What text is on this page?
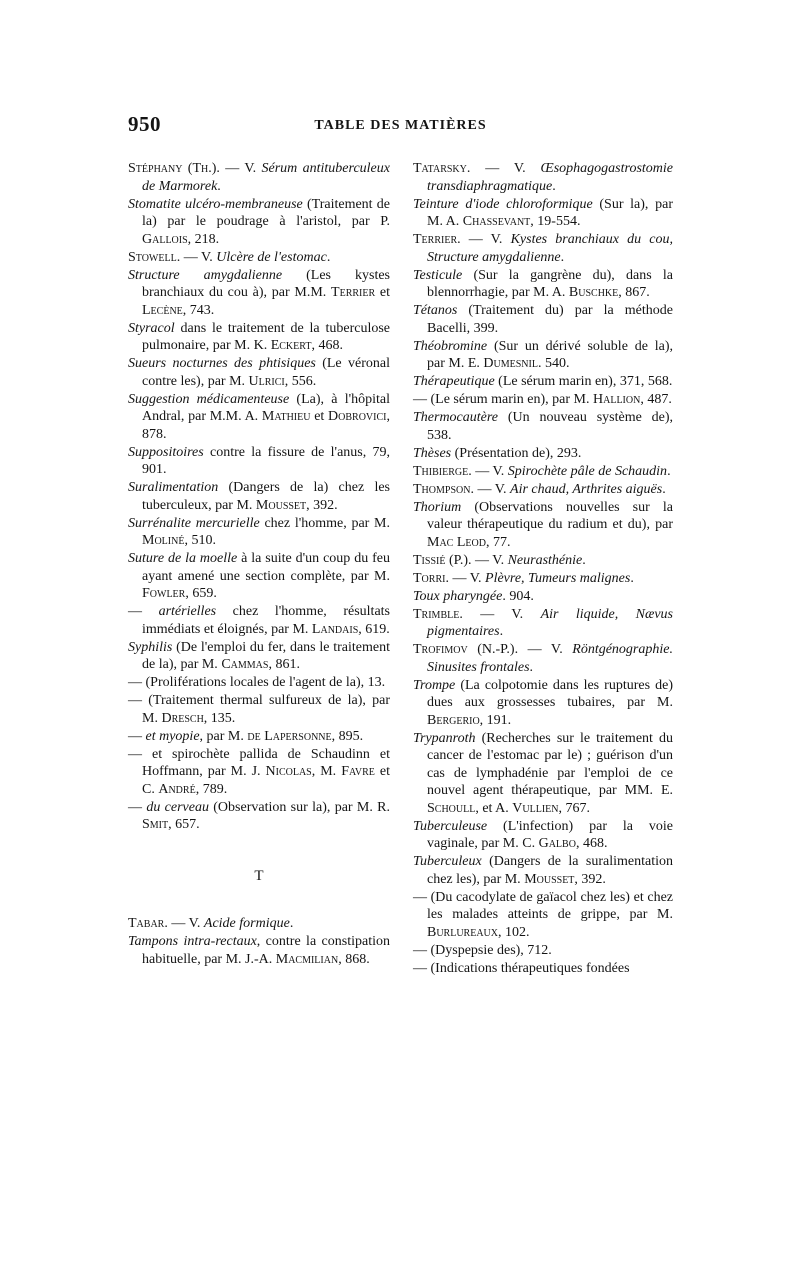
950	TABLE DES MATIÈRES

Stéphany (Th.). — V. Sérum antituberculeux de Marmorek.

Stomatite ulcéro-membraneuse (Traitement de la) par le poudrage à l'aristol, par P. Gallois, 218.

Stowell. — V. Ulcère de l'estomac.

Structure amygdalienne (Les kystes branchiaux du cou à), par M.M. Terrier et Lecène, 743.

Styracol dans le traitement de la tuberculose pulmonaire, par M. K. Eckert, 468.

Sueurs nocturnes des phtisiques (Le véronal contre les), par M. Ulrici, 556.

Suggestion médicamenteuse (La), à l'hôpital Andral, par M.M. A. Mathieu et Dobrovici, 878.

Suppositoires contre la fissure de l'anus, 79, 901.

Suralimentation (Dangers de la) chez les tuberculeux, par M. Mousset, 392.

Surrénalite mercurielle chez l'homme, par M. Moliné, 510.

Suture de la moelle à la suite d'un coup du feu ayant amené une section complète, par M. Fowler, 659.

— artérielles chez l'homme, résultats immédiats et éloignés, par M. Landais, 619.

Syphilis (De l'emploi du fer, dans le traitement de la), par M. Cammas, 861.

— (Proliférations locales de l'agent de la), 13.

— (Traitement thermal sulfureux de la), par M. Dresch, 135.

— et myopie, par M. de Lapersonne, 895.

— et spirochète pallida de Schaudinn et Hoffmann, par M. J. Nicolas, M. Favre et C. André, 789.

— du cerveau (Observation sur la), par M. R. Smit, 657.

T

Tabar. — V. Acide formique.

Tampons intra-rectaux, contre la constipation habituelle, par M. J.-A. Macmilian, 868.

Tatarsky. — V. Œsophagogastrostomie transdiaphragmatique.

Teinture d'iode chloroformique (Sur la), par M. A. Chassevant, 19-554.

Terrier. — V. Kystes branchiaux du cou, Structure amygdalienne.

Testicule (Sur la gangrène du), dans la blennorrhagie, par M. A. Buschke, 867.

Tétanos (Traitement du) par la méthode Bacelli, 399.

Théobromine (Sur un dérivé soluble de la), par M. E. Dumesnil. 540.

Thérapeutique (Le sérum marin en), 371, 568.

— (Le sérum marin en), par M. Hallion, 487.

Thermocautère (Un nouveau système de), 538.

Thèses (Présentation de), 293.

Thibierge. — V. Spirochète pâle de Schaudin.

Thompson. — V. Air chaud, Arthrites aiguës.

Thorium (Observations nouvelles sur la valeur thérapeutique du radium et du), par Mac Leod, 77.

Tissié (P.). — V. Neurasthénie.

Torri. — V. Plèvre, Tumeurs malignes.

Toux pharyngée. 904.

Trimble. — V. Air liquide, Nævus pigmentaires.

Trofimov (N.-P.). — V. Röntgénographie. Sinusites frontales.

Trompe (La colpotomie dans les ruptures de) dues aux grossesses tubaires, par M. Bergerio, 191.

Trypanroth (Recherches sur le traitement du cancer de l'estomac par le) ; guérison d'un cas de lymphadénie par l'emploi de ce nouvel agent thérapeutique, par MM. E. Schoull, et A. Vullien, 767.

Tuberculeuse (L'infection) par la voie vaginale, par M. C. Galbo, 468.

Tuberculeux (Dangers de la suralimentation chez les), par M. Mousset, 392.

— (Du cacodylate de gaïacol chez les) et chez les malades atteints de grippe, par M. Burlureaux, 102.

— (Dyspepsie des), 712.

— (Indications thérapeutiques fondées
